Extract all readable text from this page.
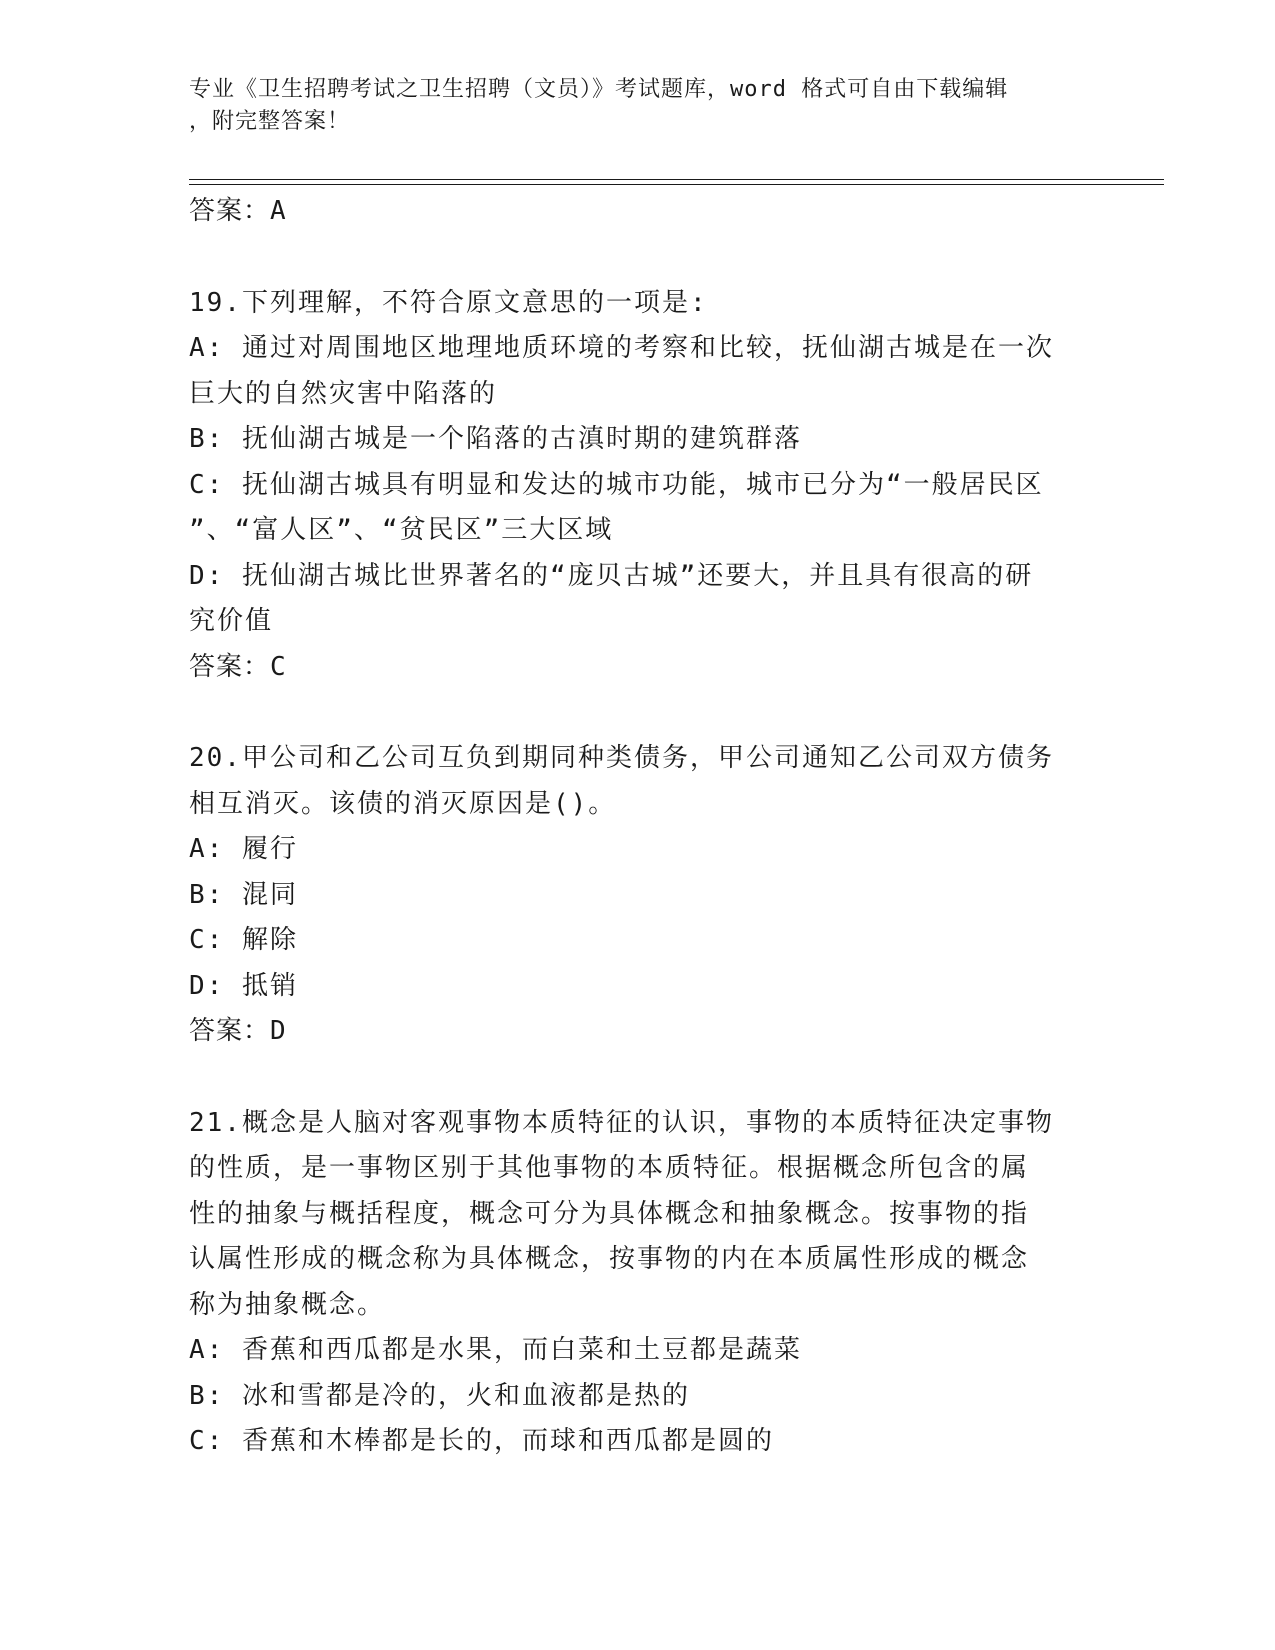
专业《卫生招聘考试之卫生招聘（文员）》考试题库，word 格式可自由下载编辑
，附完整答案！

答案：A

19.下列理解，不符合原文意思的一项是:

A: 通过对周围地区地理地质环境的考察和比较，抚仙湖古城是在一次

巨大的自然灾害中陷落的

B: 抚仙湖古城是一个陷落的古滇时期的建筑群落

C: 抚仙湖古城具有明显和发达的城市功能，城市已分为“一般居民区

”、“富人区”、“贫民区”三大区域

D: 抚仙湖古城比世界著名的“庞贝古城”还要大，并且具有很高的研

究价值

答案：C

20.甲公司和乙公司互负到期同种类债务，甲公司通知乙公司双方债务

相互消灭。该债的消灭原因是()。

A: 履行

B: 混同

C: 解除

D: 抵销

答案：D

21.概念是人脑对客观事物本质特征的认识，事物的本质特征决定事物

的性质，是一事物区别于其他事物的本质特征。根据概念所包含的属

性的抽象与概括程度，概念可分为具体概念和抽象概念。按事物的指

认属性形成的概念称为具体概念，按事物的内在本质属性形成的概念

称为抽象概念。

A: 香蕉和西瓜都是水果，而白菜和土豆都是蔬菜

B: 冰和雪都是冷的，火和血液都是热的

C: 香蕉和木棒都是长的，而球和西瓜都是圆的
